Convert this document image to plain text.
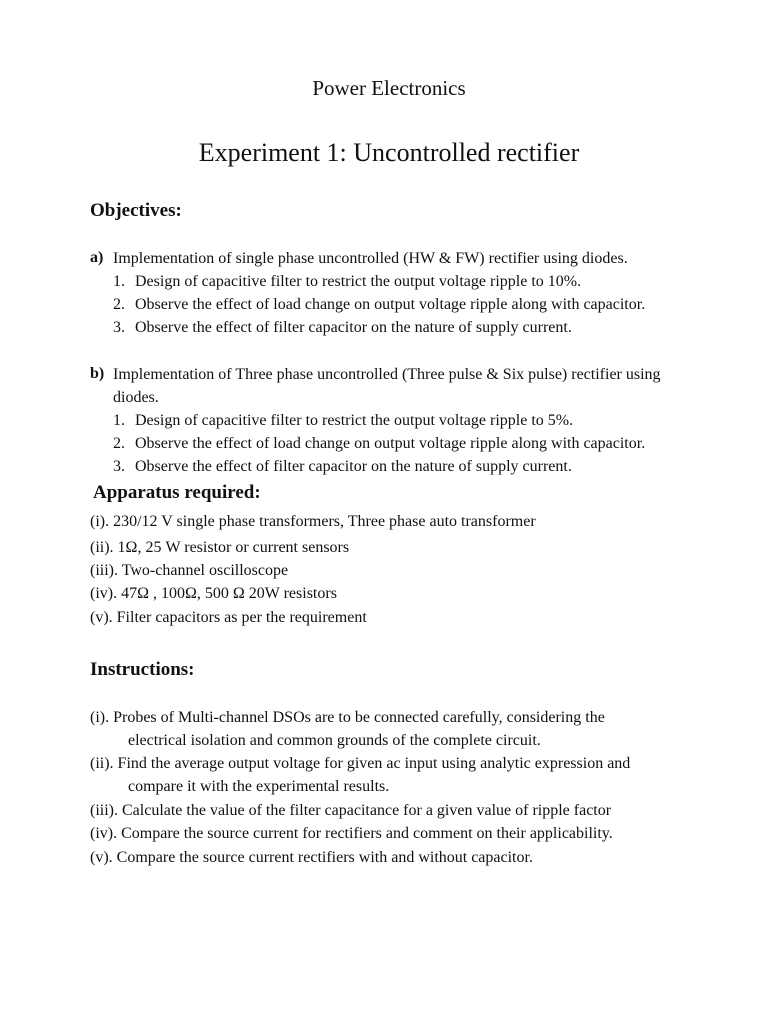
Power Electronics
Experiment 1: Uncontrolled rectifier
Objectives:
a) Implementation of single phase uncontrolled (HW & FW) rectifier using diodes.
1. Design of capacitive filter to restrict the output voltage ripple to 10%.
2. Observe the effect of load change on output voltage ripple along with capacitor.
3. Observe the effect of filter capacitor on the nature of supply current.
b) Implementation of Three phase uncontrolled (Three pulse & Six pulse) rectifier using
diodes.
1. Design of capacitive filter to restrict the output voltage ripple to 5%.
2. Observe the effect of load change on output voltage ripple along with capacitor.
3. Observe the effect of filter capacitor on the nature of supply current.
Apparatus required:
(i). 230/12 V single phase transformers, Three phase auto transformer
(ii). 1Ω, 25 W resistor or current sensors
(iii). Two-channel oscilloscope
(iv). 47Ω , 100Ω, 500 Ω 20W resistors
(v). Filter capacitors as per the requirement
Instructions:
(i). Probes of Multi-channel DSOs are to be connected carefully, considering the
electrical isolation and common grounds of the complete circuit.
(ii). Find the average output voltage for given ac input using analytic expression and
compare it with the experimental results.
(iii). Calculate the value of the filter capacitance for a given value of ripple factor
(iv). Compare the source current for rectifiers and comment on their applicability.
(v). Compare the source current rectifiers with and without capacitor.
